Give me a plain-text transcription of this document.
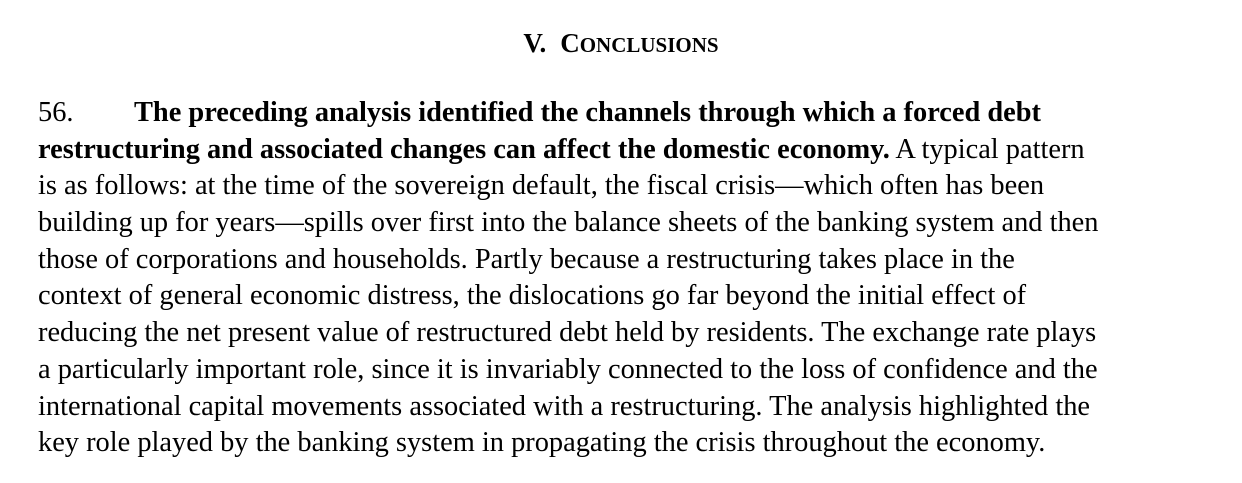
V. CONCLUSIONS
56. The preceding analysis identified the channels through which a forced debt
restructuring and associated changes can affect the domestic economy. A typical pattern
is as follows: at the time of the sovereign default, the fiscal crisis—which often has been
building up for years—spills over first into the balance sheets of the banking system and then
those of corporations and households. Partly because a restructuring takes place in the
context of general economic distress, the dislocations go far beyond the initial effect of
reducing the net present value of restructured debt held by residents. The exchange rate plays
a particularly important role, since it is invariably connected to the loss of confidence and the
international capital movements associated with a restructuring. The analysis highlighted the
key role played by the banking system in propagating the crisis throughout the economy.
